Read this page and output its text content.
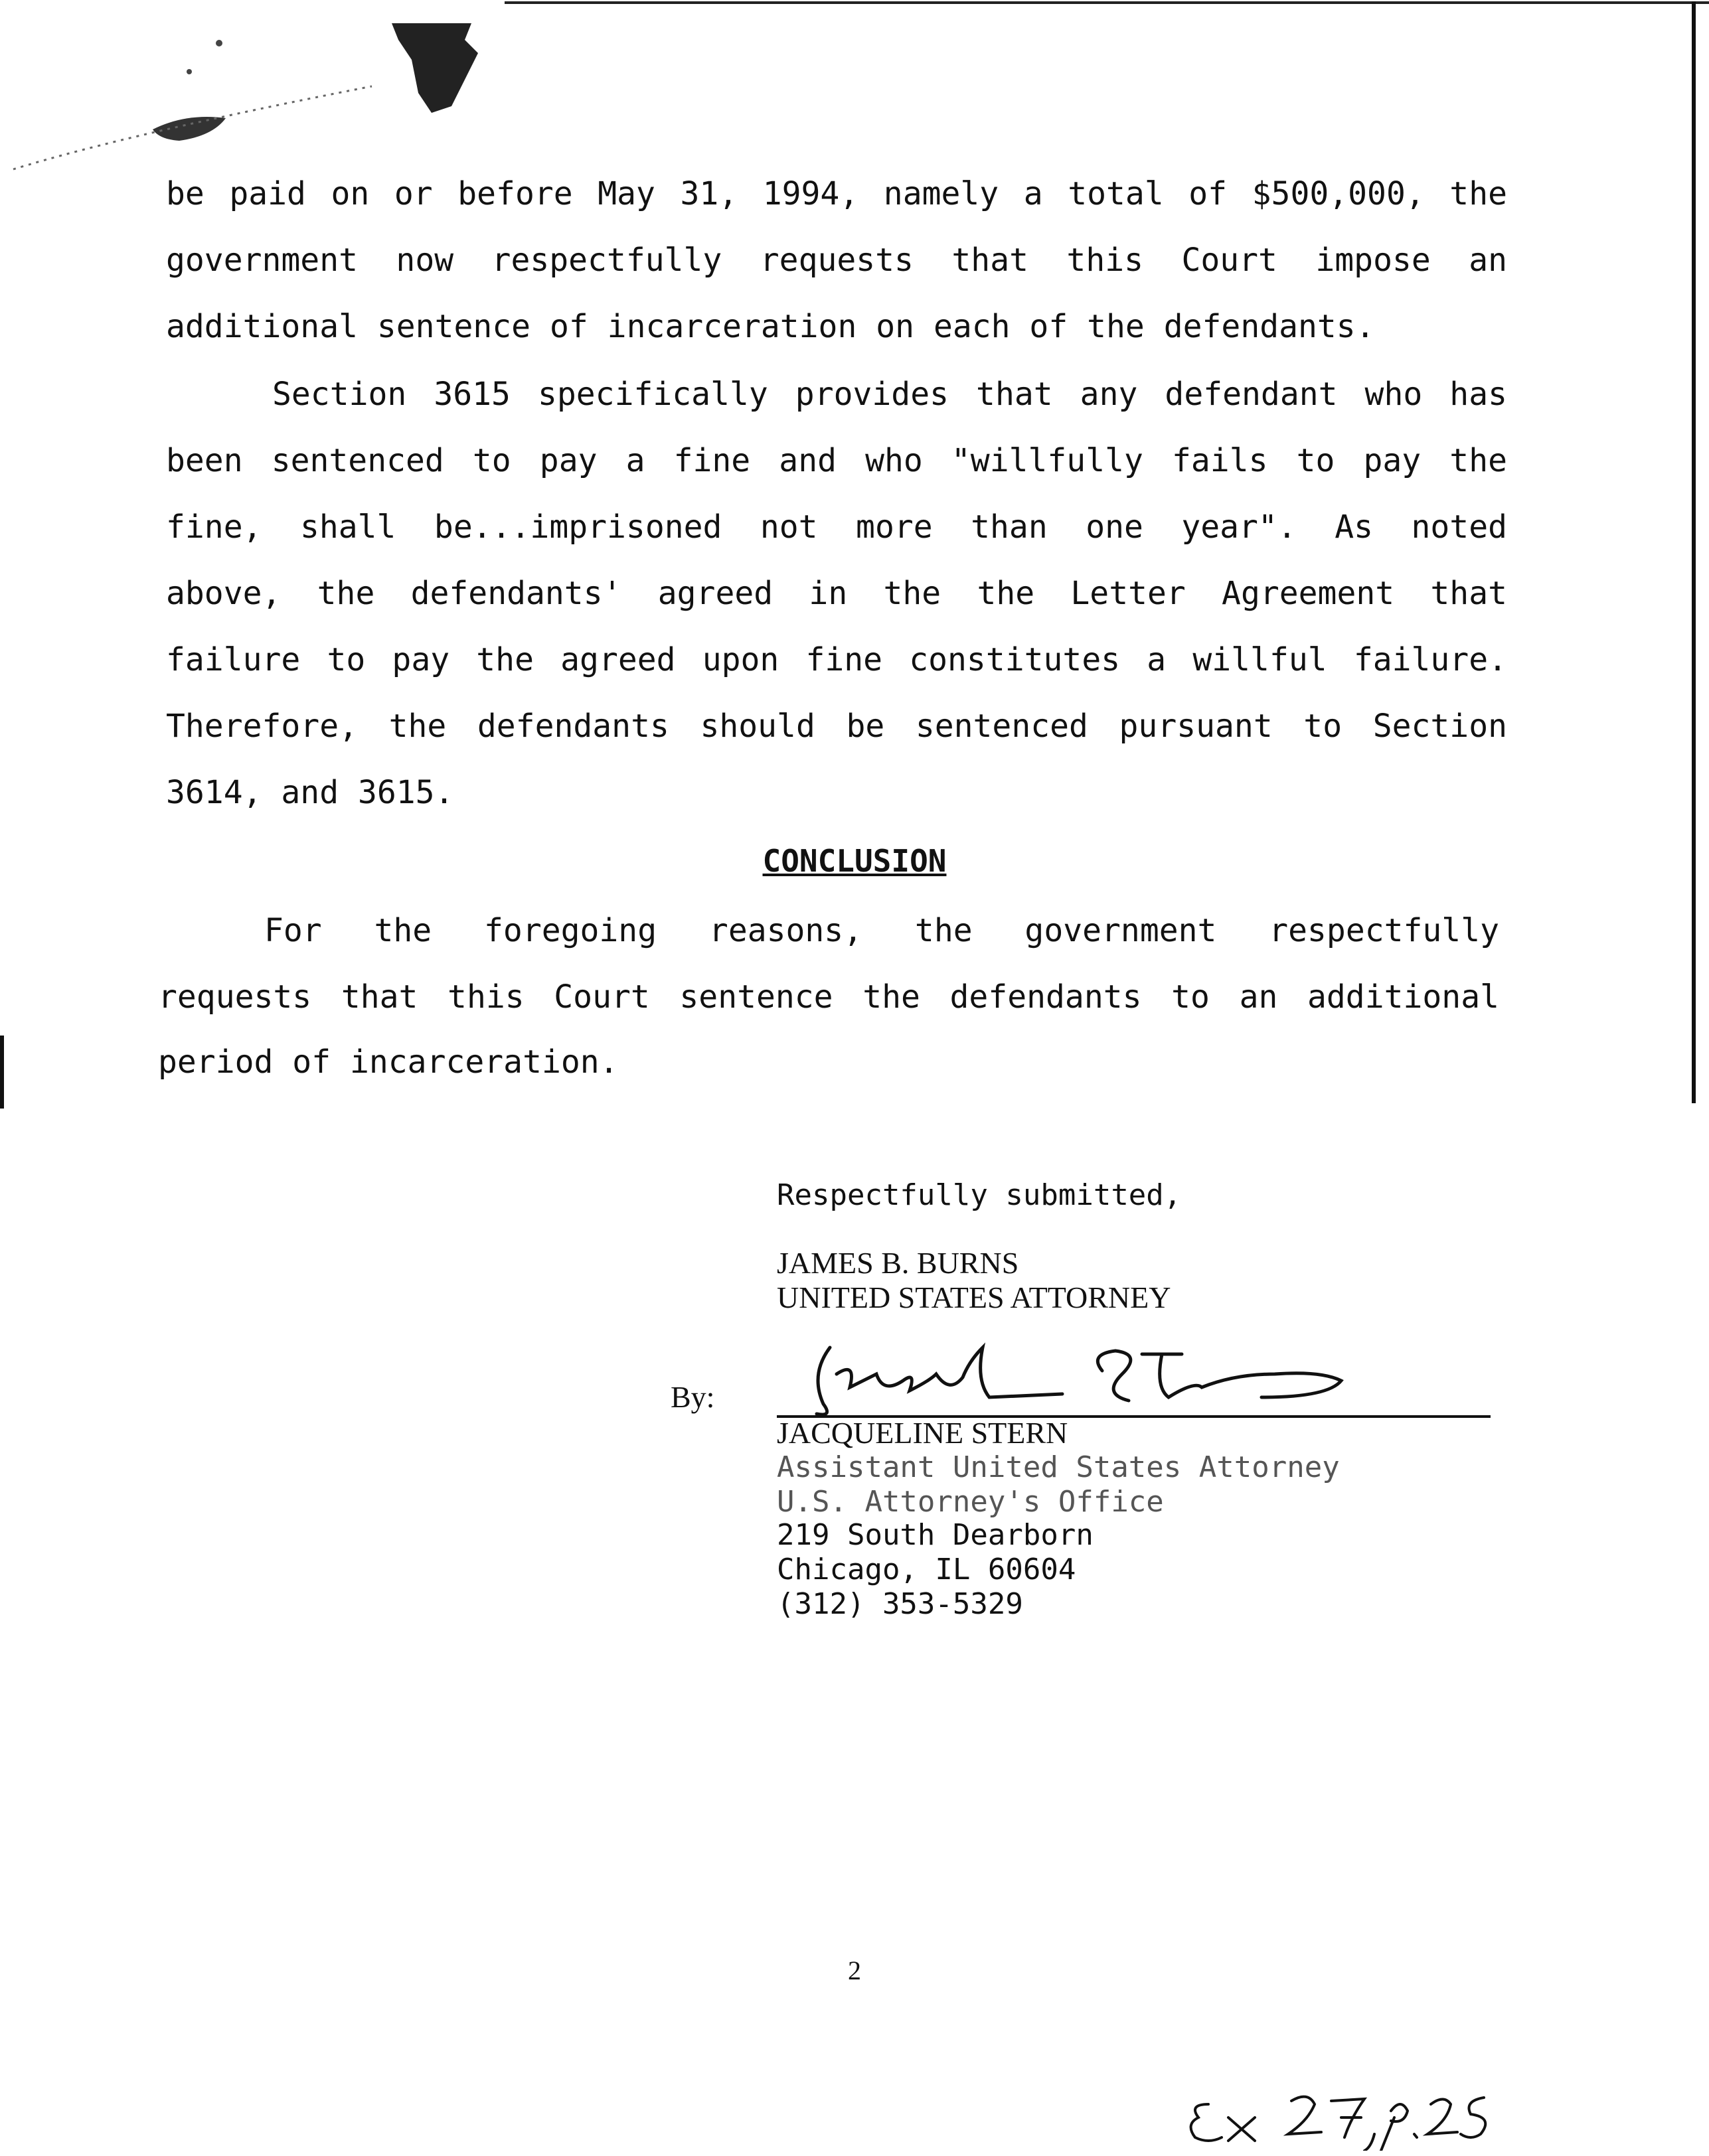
be paid on or before May 31, 1994, namely a total of $500,000, the
government now respectfully requests that this Court impose an
additional sentence of incarceration on each of the defendants.
Section 3615 specifically provides that any defendant who has
been sentenced to pay a fine and who "willfully fails to pay the
fine, shall be...imprisoned not more than one year". As noted
above, the defendants' agreed in the the Letter Agreement that
failure to pay the agreed upon fine constitutes a willful failure.
Therefore, the defendants should be sentenced pursuant to Section
3614, and 3615.
CONCLUSION
For the foregoing reasons, the government respectfully
requests that this Court sentence the defendants to an additional
period of incarceration.
Respectfully submitted,
JAMES B. BURNS
UNITED STATES ATTORNEY
By:
JACQUELINE STERN
Assistant United States Attorney
U.S. Attorney's Office
219 South Dearborn
Chicago, IL 60604
(312) 353-5329
2
